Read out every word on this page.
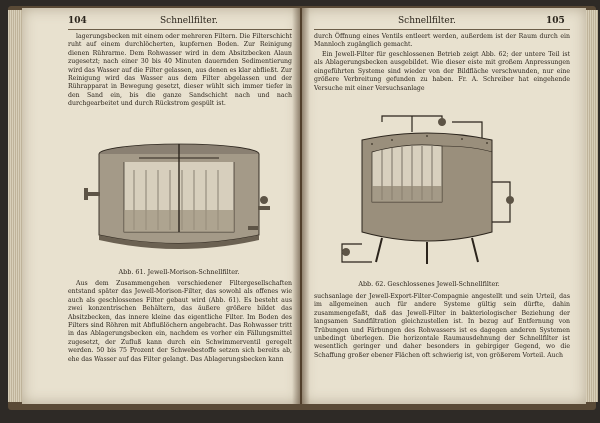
104	Schnellfilter.

lagerungsbecken mit einem oder mehreren Filtern. Die Filterschicht ruht auf einem durchlöcherten, kupfernen Boden. Zur Reinigung dienen Rührarme. Dem Rohwasser wird in dem Absitzbecken Alaun zugesetzt; nach einer 30 bis 40 Minuten dauernden Sedimentierung wird das Wasser auf die Filter gelassen, aus denen es klar abfließt. Zur Reinigung wird das Wasser aus dem Filter abgelassen und der Rührapparat in Bewegung gesetzt, dieser wühlt sich immer tiefer in den Sand ein, bis die ganze Sandschicht nach und nach durchgearbeitet und durch Rückstrom gespült ist.

Abb. 61. Jewell-Morison-Schnellfilter.

Aus dem Zusammengehen verschiedener Filtergesellschaften entstand später das Jewell-Morison-Filter, das sowohl als offenes wie auch als geschlossenes Filter gebaut wird (Abb. 61). Es besteht aus zwei konzentrischen Behältern, das äußere größere bildet das Absitzbecken, das innere kleine das eigentliche Filter. Im Boden des Filters sind Röhren mit Abflußlöchern angebracht. Das Rohwasser tritt in das Ablagerungsbecken ein, nachdem es vorher ein Fällungsmittel zugesetzt, der Zufluß kann durch ein Schwimmerventil geregelt werden. 50 bis 75 Prozent der Schwebestoffe setzen sich bereits ab, ehe das Wasser auf das Filter gelangt. Das Ablagerungsbecken kann

Schnellfilter.	105

durch Öffnung eines Ventils entleert werden, außerdem ist der Raum durch ein Mannloch zugänglich gemacht.

Ein Jewell-Filter für geschlossenen Betrieb zeigt Abb. 62; der untere Teil ist als Ablagerungsbecken ausgebildet. Wie dieser eiste mit großem Anpressungen eingeführten Systeme sind wieder von der Bildfläche verschwunden, nur eine größere Verbreitung gefunden zu haben. Fr. A. Schreiber hat eingehende Versuche mit einer Versuchsanlage

Abb. 62. Geschlossenes Jewell-Schnellfilter.

suchsanlage der Jewell-Export-Filter-Compagnie angestellt und sein Urteil, das im allgemeinen auch für andere Systeme gültig sein dürfte, dahin zusammengefaßt, daß das Jewell-Filter in bakteriologischer Beziehung der langsamen Sandfiltration gleichzustellen ist. In bezug auf Entfernung von Trübungen und Färbungen des Rohwassers ist es dagegen anderen Systemen unbedingt überlegen. Die horizontale Raumausdehnung der Schnellfilter ist wesentlich geringer und daher besonders in gebirgiger Gegend, wo die Schaffung großer ebener Flächen oft schwierig ist, von größerem Vorteil. Auch
